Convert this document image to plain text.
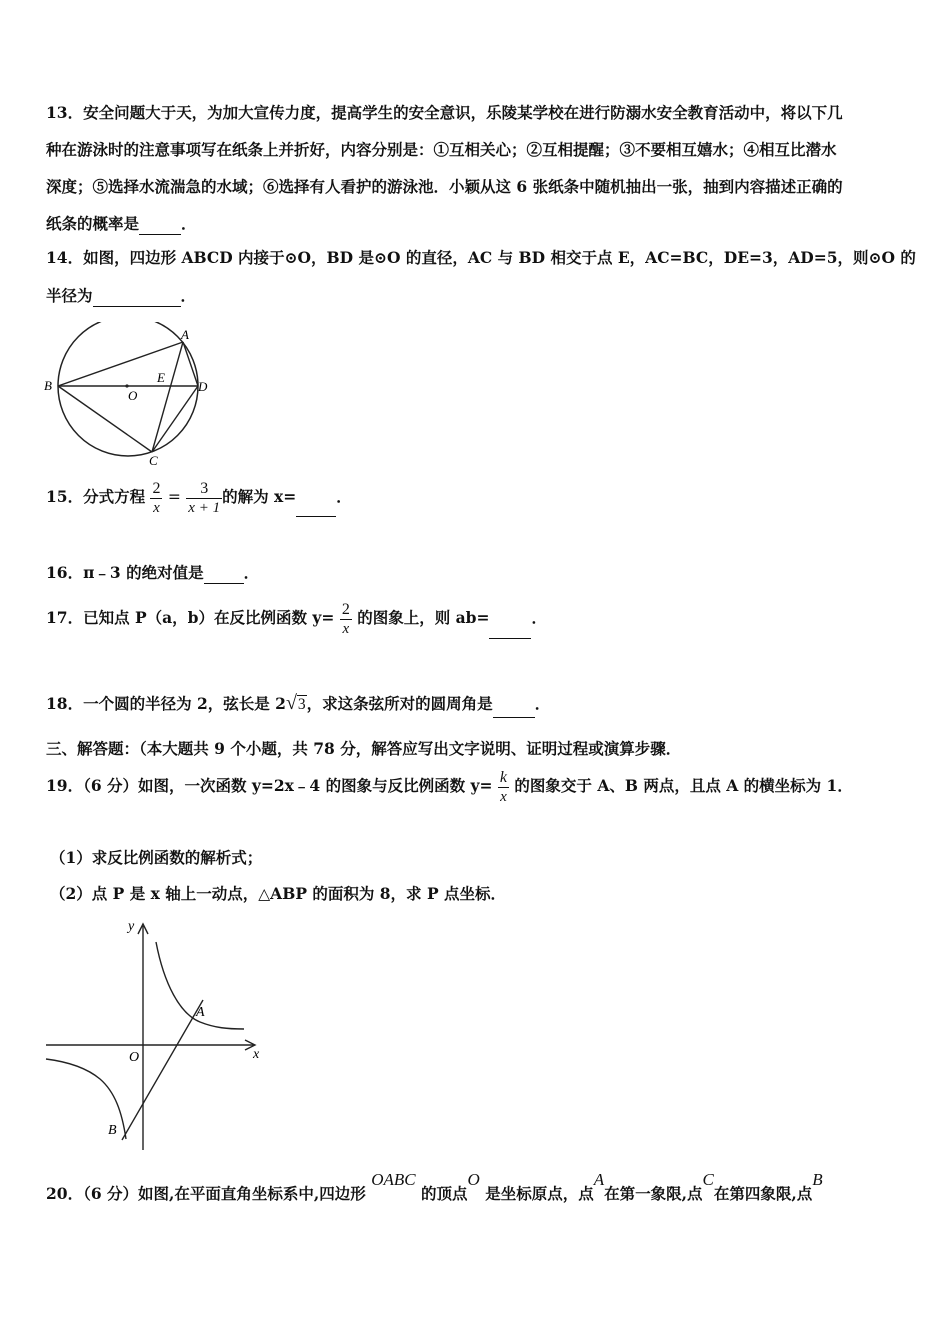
13．安全问题大于天，为加大宣传力度，提高学生的安全意识，乐陵某学校在进行防溺水安全教育活动中，将以下几
种在游泳时的注意事项写在纸条上并折好，内容分别是：①互相关心；②互相提醒；③不要相互嬉水；④相互比潜水
深度；⑤选择水流湍急的水域；⑥选择有人看护的游泳池．小颖从这 6 张纸条中随机抽出一张，抽到内容描述正确的
纸条的概率是	．
14．如图，四边形 ABCD 内接于⊙O，BD 是⊙O 的直径，AC 与 BD 相交于点 E，AC=BC，DE=3，AD=5，则⊙O 的
半径为	．
A
B
C
D
E
O
15．分式方程 $\frac{2}{x} = \frac{3}{x + 1}$ 的解为 x=	．
16．π﹣3 的绝对值是	．
17．已知点 P（a，b）在反比例函数 $y= \frac{2}{x}$ 的图象上，则 ab=	．
18．一个圆的半径为 2，弦长是 2√3，求这条弦所对的圆周角是	．
三、解答题：（本大题共 9 个小题，共 78 分，解答应写出文字说明、证明过程或演算步骤．
19．（6 分）如图，一次函数 y=2x﹣4 的图象与反比例函数 $y= \frac{k}{x}$ 的图象交于 A、B 两点，且点 A 的横坐标为 1．
（1）求反比例函数的解析式；
（2）点 P 是 x 轴上一动点，△ABP 的面积为 8，求 P 点坐标．
y
x
O
A
B
20．（6 分）如图,在平面直角坐标系中,四边形 OABC 的顶点O 是坐标原点，点A在第一象限,点C在第四象限,点B
